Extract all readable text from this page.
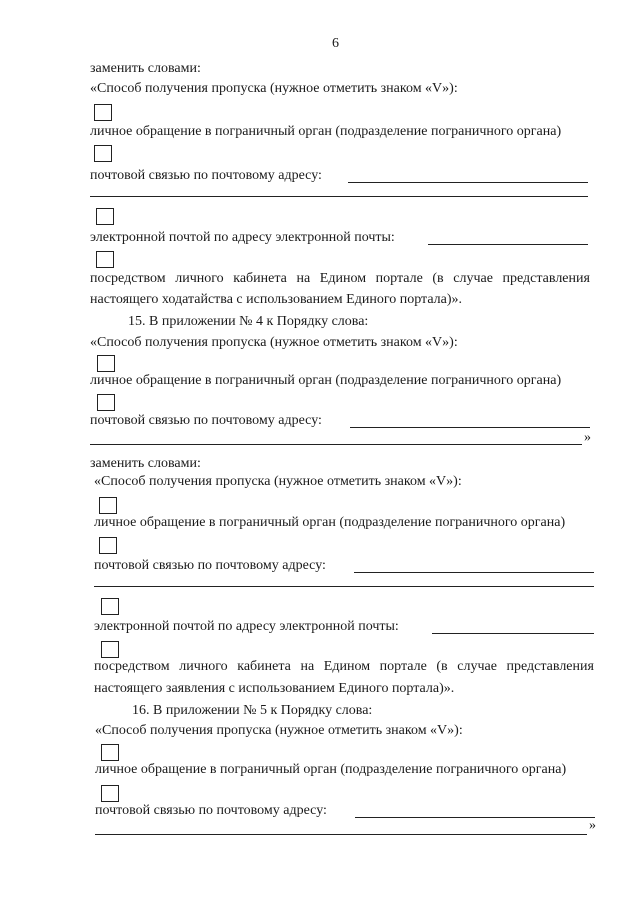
6
заменить словами:
«Способ получения пропуска (нужное отметить знаком «V»):
личное обращение в пограничный орган (подразделение пограничного органа)
почтовой связью по почтовому адресу:
электронной почтой по адресу электронной почты:
посредством личного кабинета на Едином портале (в случае представления
настоящего ходатайства с использованием Единого портала)».
15. В приложении № 4 к Порядку слова:
«Способ получения пропуска (нужное отметить знаком «V»):
личное обращение в пограничный орган (подразделение пограничного органа)
почтовой связью по почтовому адресу:
»
заменить словами:
«Способ получения пропуска (нужное отметить знаком «V»):
личное обращение в пограничный орган (подразделение пограничного органа)
почтовой связью по почтовому адресу:
электронной почтой по адресу электронной почты:
посредством личного кабинета на Едином портале (в случае представления
настоящего заявления с использованием Единого портала)».
16. В приложении № 5 к Порядку слова:
«Способ получения пропуска (нужное отметить знаком «V»):
личное обращение в пограничный орган (подразделение пограничного органа)
почтовой связью по почтовому адресу:
»
